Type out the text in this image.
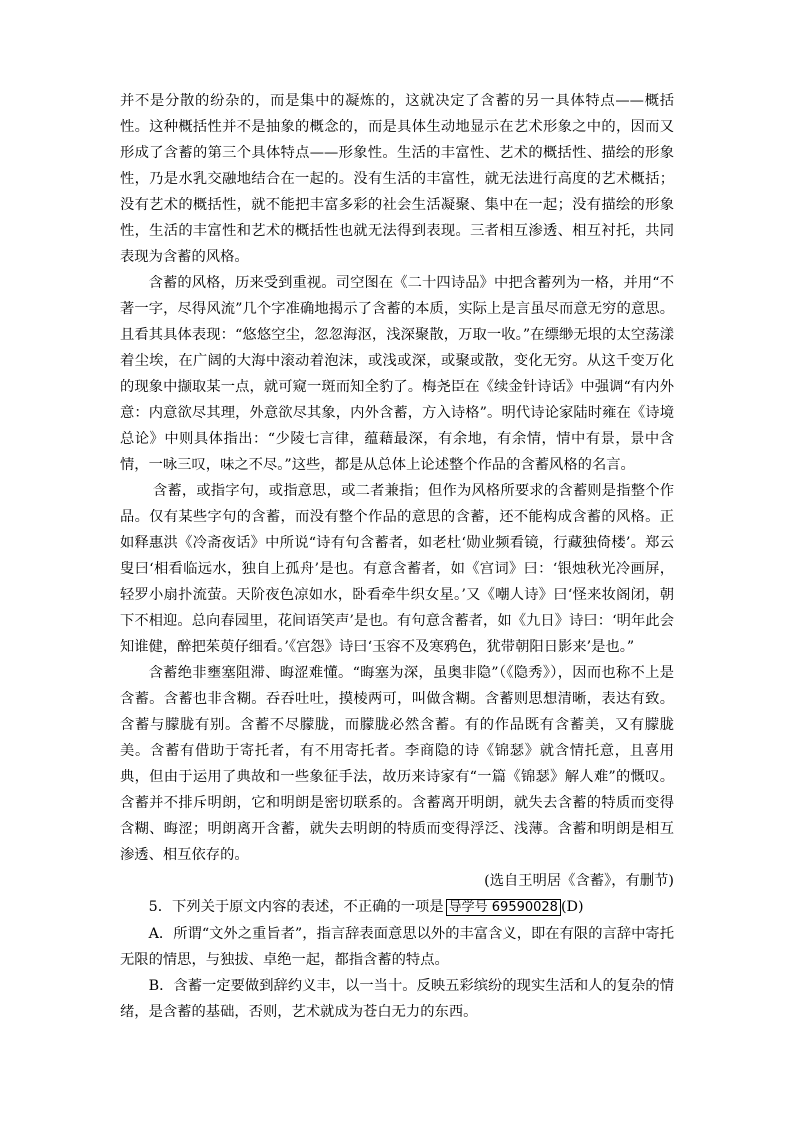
并不是分散的纷杂的，而是集中的凝炼的，这就决定了含蓄的另一具体特点——概括性。这种概括性并不是抽象的概念的，而是具体生动地显示在艺术形象之中的，因而又形成了含蓄的第三个具体特点——形象性。生活的丰富性、艺术的概括性、描绘的形象性，乃是水乳交融地结合在一起的。没有生活的丰富性，就无法进行高度的艺术概括；没有艺术的概括性，就不能把丰富多彩的社会生活凝聚、集中在一起；没有描绘的形象性，生活的丰富性和艺术的概括性也就无法得到表现。三者相互渗透、相互衬托，共同表现为含蓄的风格。

含蓄的风格，历来受到重视。司空图在《二十四诗品》中把含蓄列为一格，并用“不著一字，尽得风流”几个字准确地揭示了含蓄的本质，实际上是言虽尽而意无穷的意思。且看其具体表现：“悠悠空尘，忽忽海沤，浅深聚散，万取一收。”在缥缈无垠的太空荡漾着尘埃，在广阔的大海中滚动着泡沫，或浅或深，或聚或散，变化无穷。从这千变万化的现象中撷取某一点，就可窥一斑而知全豹了。梅尧臣在《续金针诗话》中强调“有内外意：内意欲尽其理，外意欲尽其象，内外含蓄，方入诗格”。明代诗论家陆时雍在《诗境总论》中则具体指出：“少陵七言律，蕴藉最深，有余地，有余情，情中有景，景中含情，一咏三叹，味之不尽。”这些，都是从总体上论述整个作品的含蓄风格的名言。

含蓄，或指字句，或指意思，或二者兼指；但作为风格所要求的含蓄则是指整个作品。仅有某些字句的含蓄，而没有整个作品的意思的含蓄，还不能构成含蓄的风格。正如释惠洪《冷斋夜话》中所说“诗有句含蓄者，如老杜‘勋业频看镜，行藏独倚楼’。郑云叟曰‘相看临远水，独自上孤舟’是也。有意含蓄者，如《宫词》曰：‘银烛秋光冷画屏，轻罗小扇扑流萤。天阶夜色凉如水，卧看牵牛织女星。’又《嘲人诗》曰‘怪来妆阁闭，朝下不相迎。总向春园里，花间语笑声’是也。有句意含蓄者，如《九日》诗曰：‘明年此会知谁健，醉把茱萸仔细看。’《宫怨》诗曰‘玉容不及寒鸦色，犹带朝阳日影来’是也。”

含蓄绝非壅塞阻滞、晦涩难懂。“晦塞为深，虽奥非隐”（《隐秀》），因而也称不上是含蓄。含蓄也非含糊。吞吞吐吐，摸棱两可，叫做含糊。含蓄则思想清晰，表达有致。含蓄与朦胧有别。含蓄不尽朦胧，而朦胧必然含蓄。有的作品既有含蓄美，又有朦胧美。含蓄有借助于寄托者，有不用寄托者。李商隐的诗《锦瑟》就含情托意，且喜用典，但由于运用了典故和一些象征手法，故历来诗家有“一篇《锦瑟》解人难”的慨叹。含蓄并不排斥明朗，它和明朗是密切联系的。含蓄离开明朗，就失去含蓄的特质而变得含糊、晦涩；明朗离开含蓄，就失去明朗的特质而变得浮泛、浅薄。含蓄和明朗是相互渗透、相互依存的。

(选自王明居《含蓄》，有删节)

5．下列关于原文内容的表述，不正确的一项是 导学号 69590028 (D)

A．所谓“文外之重旨者”，指言辞表面意思以外的丰富含义，即在有限的言辞中寄托无限的情思，与独拔、卓绝一起，都指含蓄的特点。

B．含蓄一定要做到辞约义丰，以一当十。反映五彩缤纷的现实生活和人的复杂的情绪，是含蓄的基础，否则，艺术就成为苍白无力的东西。
